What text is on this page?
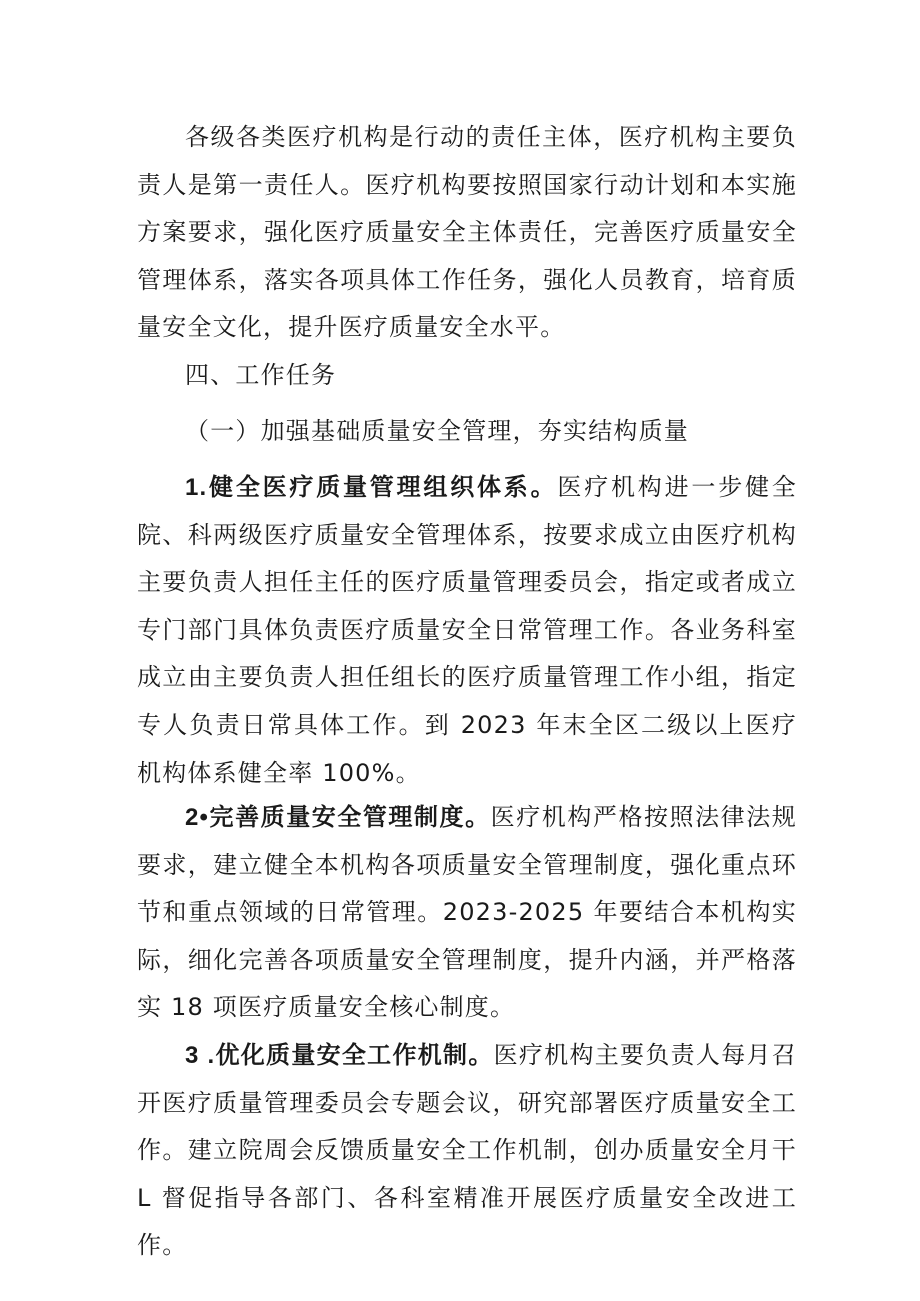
各级各类医疗机构是行动的责任主体，医疗机构主要负责人是第一责任人。医疗机构要按照国家行动计划和本实施方案要求，强化医疗质量安全主体责任，完善医疗质量安全管理体系，落实各项具体工作任务，强化人员教育，培育质量安全文化，提升医疗质量安全水平。

四、工作任务

（一）加强基础质量安全管理，夯实结构质量

1.健全医疗质量管理组织体系。医疗机构进一步健全院、科两级医疗质量安全管理体系，按要求成立由医疗机构主要负责人担任主任的医疗质量管理委员会，指定或者成立专门部门具体负责医疗质量安全日常管理工作。各业务科室成立由主要负责人担任组长的医疗质量管理工作小组，指定专人负责日常具体工作。到 2023 年末全区二级以上医疗机构体系健全率 100%。

2•完善质量安全管理制度。医疗机构严格按照法律法规要求，建立健全本机构各项质量安全管理制度，强化重点环节和重点领域的日常管理。2023-2025 年要结合本机构实际，细化完善各项质量安全管理制度，提升内涵，并严格落实 18 项医疗质量安全核心制度。

3 .优化质量安全工作机制。医疗机构主要负责人每月召开医疗质量管理委员会专题会议，研究部署医疗质量安全工作。建立院周会反馈质量安全工作机制，创办质量安全月干 L 督促指导各部门、各科室精准开展医疗质量安全改进工作。
